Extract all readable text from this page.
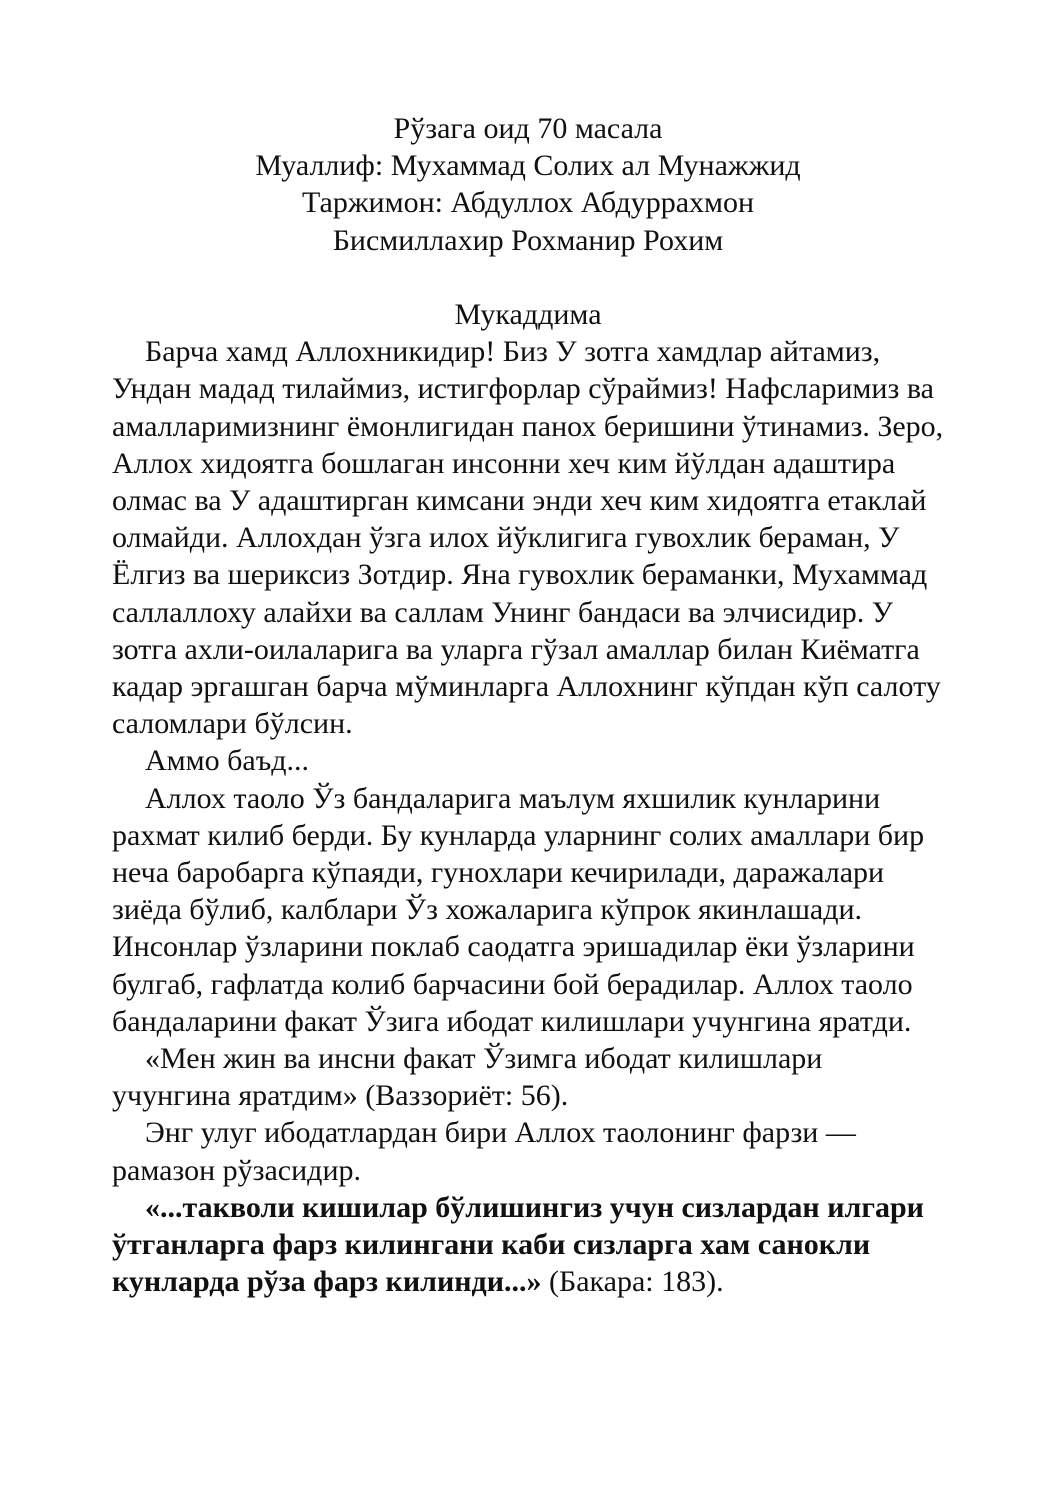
Рўзага оид 70 масала

Муаллиф: Мухаммад Солих ал Мунажжид

Таржимон: Абдуллох Абдуррахмон

Бисмиллахир Рохманир Рохим

Мукаддима

Барча хамд Аллохникидир! Биз У зотга хамдлар айтамиз, Ундан мадад тилаймиз, истигфорлар сўраймиз! Нафсларимиз ва амалларимизнинг ёмонлигидан панох беришини ўтинамиз. Зеро, Аллох хидоятга бошлаган инсонни хеч ким йўлдан адаштира олмас ва У адаштирган кимсани энди хеч ким хидоятга етаклай олмайди. Аллохдан ўзга илох йўклигига гувохлик бераман, У Ёлгиз ва шериксиз Зотдир. Яна гувохлик бераманки, Мухаммад саллаллоху алайхи ва саллам Унинг бандаси ва элчисидир. У зотга ахли-оилаларига ва уларга гўзал амаллар билан Киёматга кадар эргашган барча мўминларга Аллохнинг кўпдан кўп салоту саломлари бўлсин.

Аммо баъд...

Аллох таоло Ўз бандаларига маълум яхшилик кунларини рахмат килиб берди. Бу кунларда уларнинг солих амаллари бир неча баробарга кўпаяди, гунохлари кечирилади, даражалари зиёда бўлиб, калблари Ўз хожаларига кўпрок якинлашади. Инсонлар ўзларини поклаб саодатга эришадилар ёки ўзларини булгаб, гафлатда колиб барчасини бой берадилар. Аллох таоло бандаларини факат Ўзига ибодат килишлари учунгина яратди.

«Мен жин ва инсни факат Ўзимга ибодат килишлари учунгина яратдим» (Ваззориёт: 56).

Энг улуг ибодатлардан бири Аллох таолонинг фарзи — рамазон рўзасидир.

«...такволи кишилар бўлишингиз учун сизлардан илгари ўтганларга фарз килингани каби сизларга хам санокли кунларда рўза фарз килинди...» (Бакара: 183).
